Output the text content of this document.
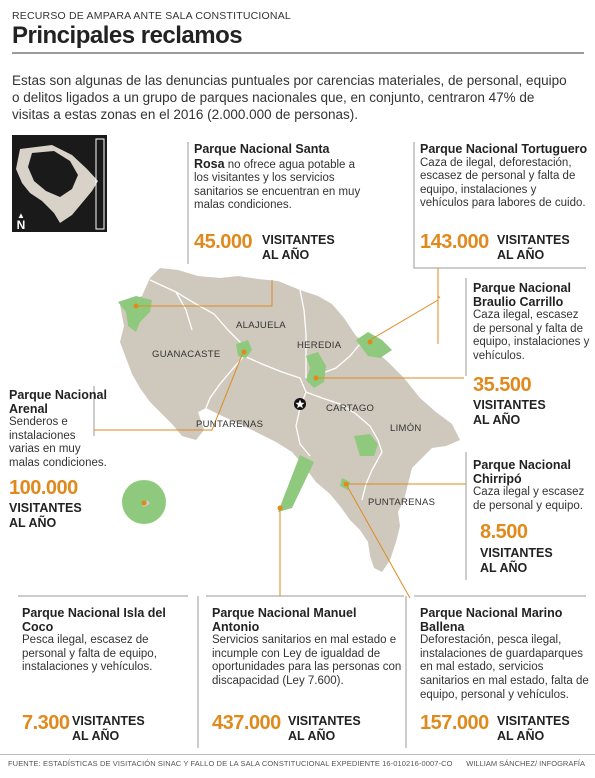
RECURSO DE AMPARA ANTE SALA CONSTITUCIONAL
Principales reclamos
Estas son algunas de las denuncias puntuales por carencias materiales, de personal, equipo o delitos ligados a un grupo de parques nacionales que, en conjunto, centraron 47% de visitas a estas zonas en el 2016 (2.000.000 de personas).
▲
N
ALAJUELA
GUANACASTE
HEREDIA
CARTAGO
LIMÓN
PUNTARENAS
PUNTARENAS
Parque Nacional Santa
Rosa no ofrece agua potable a los visitantes y los servicios sanitarios se encuentran en muy malas condiciones.
45.000 VISITANTES
AL AÑO
Parque Nacional Tortuguero
Caza de ilegal, deforestación, escasez de personal y falta de equipo, instalaciones y vehículos para labores de cuido.
143.000 VISITANTES
AL AÑO
Parque Nacional
Braulio Carrillo
Caza ilegal, escasez de personal y falta de equipo, instalaciones y vehículos.
35.500
VISITANTES
AL AÑO
Parque Nacional
Arenal
Senderos e instalaciones varias en muy malas condiciones.
100.000
VISITANTES
AL AÑO
Parque Nacional
Chirripó
Caza ilegal y escasez de personal y equipo.
8.500
VISITANTES
AL AÑO
Parque Nacional Isla del
Coco
Pesca ilegal, escasez de personal y falta de equipo, instalaciones y vehículos.
7.300 VISITANTES
AL AÑO
Parque Nacional Manuel
Antonio
Servicios sanitarios en mal estado e incumple con Ley de igualdad de oportunidades para las personas con discapacidad (Ley 7.600).
437.000 VISITANTES
AL AÑO
Parque Nacional Marino
Ballena
Deforestación, pesca ilegal, instalaciones de guardaparques en mal estado, servicios sanitarios en mal estado, falta de equipo, personal y vehículos.
157.000 VISITANTES
AL AÑO
FUENTE: ESTADÍSTICAS DE VISITACIÓN SINAC Y FALLO DE LA SALA CONSTITUCIONAL EXPEDIENTE 16-010216-0007-CO WILLIAM SÁNCHEZ/ INFOGRAFÍA
